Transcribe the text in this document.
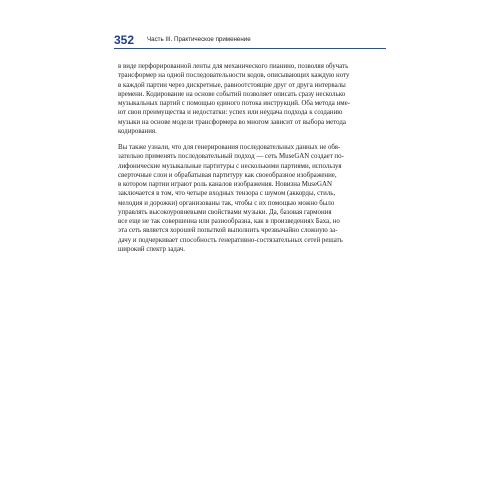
352 Часть III. Практическое применение

в виде перфорированной ленты для механического пианино, позволяя обучать
трансформер на одной последовательности кодов, описывающих каждую ноту
в каждой партии через дискретные, равноотстоящие друг от друга интервалы
времени. Кодирование на основе событий позволяет описать сразу несколько
музыкальных партий с помощью единого потока инструкций. Оба метода име-
ют свои преимущества и недостатки: успех или неудача подхода к созданию
музыки на основе модели трансформера во многом зависит от выбора метода
кодирования.

Вы также узнали, что для генерирования последовательных данных не обя-
зательно применять последовательный подход — сеть MuseGAN создает по-
лифонические музыкальные партитуры с несколькими партиями, используя
сверточные слои и обрабатывая партитуру как своеобразное изображение,
в котором партии играют роль каналов изображения. Новизна MuseGAN
заключается в том, что четыре входных тензора с шумом (аккорды, стиль,
мелодия и дорожки) организованы так, чтобы с их помощью можно было
управлять высокоуровневыми свойствами музыки. Да, базовая гармония
все еще не так совершенна или разнообразна, как в произведениях Баха, но
эта сеть является хорошей попыткой выполнить чрезвычайно сложную за-
дачу и подчеркивает способность генеративно-состязательных сетей решать
широкий спектр задач.
